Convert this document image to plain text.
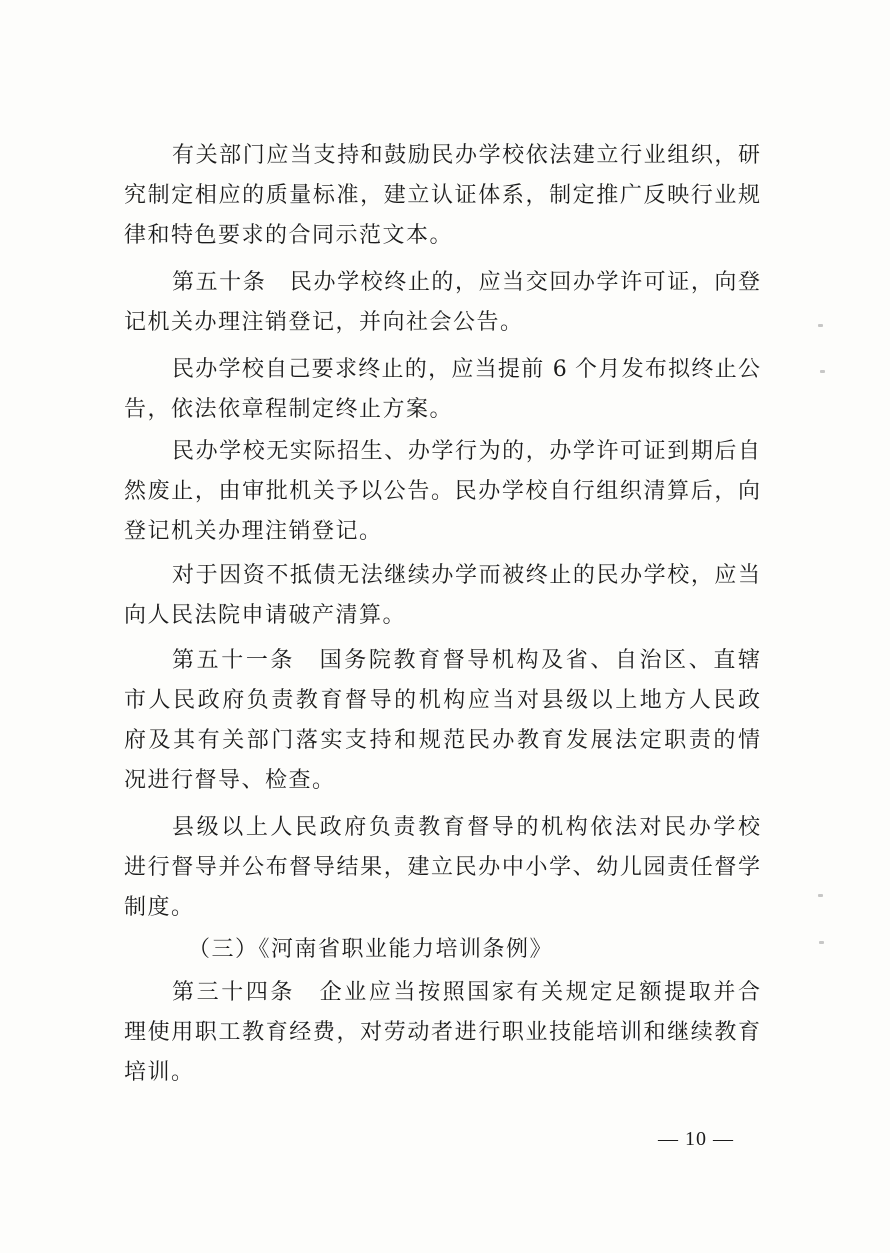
有关部门应当支持和鼓励民办学校依法建立行业组织，研
究制定相应的质量标准，建立认证体系，制定推广反映行业规
律和特色要求的合同示范文本。
第五十条　民办学校终止的，应当交回办学许可证，向登
记机关办理注销登记，并向社会公告。
民办学校自己要求终止的，应当提前 6 个月发布拟终止公
告，依法依章程制定终止方案。
民办学校无实际招生、办学行为的，办学许可证到期后自
然废止，由审批机关予以公告。民办学校自行组织清算后，向
登记机关办理注销登记。
对于因资不抵债无法继续办学而被终止的民办学校，应当
向人民法院申请破产清算。
第五十一条　国务院教育督导机构及省、自治区、直辖
市人民政府负责教育督导的机构应当对县级以上地方人民政
府及其有关部门落实支持和规范民办教育发展法定职责的情
况进行督导、检查。
县级以上人民政府负责教育督导的机构依法对民办学校
进行督导并公布督导结果，建立民办中小学、幼儿园责任督学
制度。
（三）《河南省职业能力培训条例》
第三十四条　企业应当按照国家有关规定足额提取并合
理使用职工教育经费，对劳动者进行职业技能培训和继续教育
培训。
— 10 —
